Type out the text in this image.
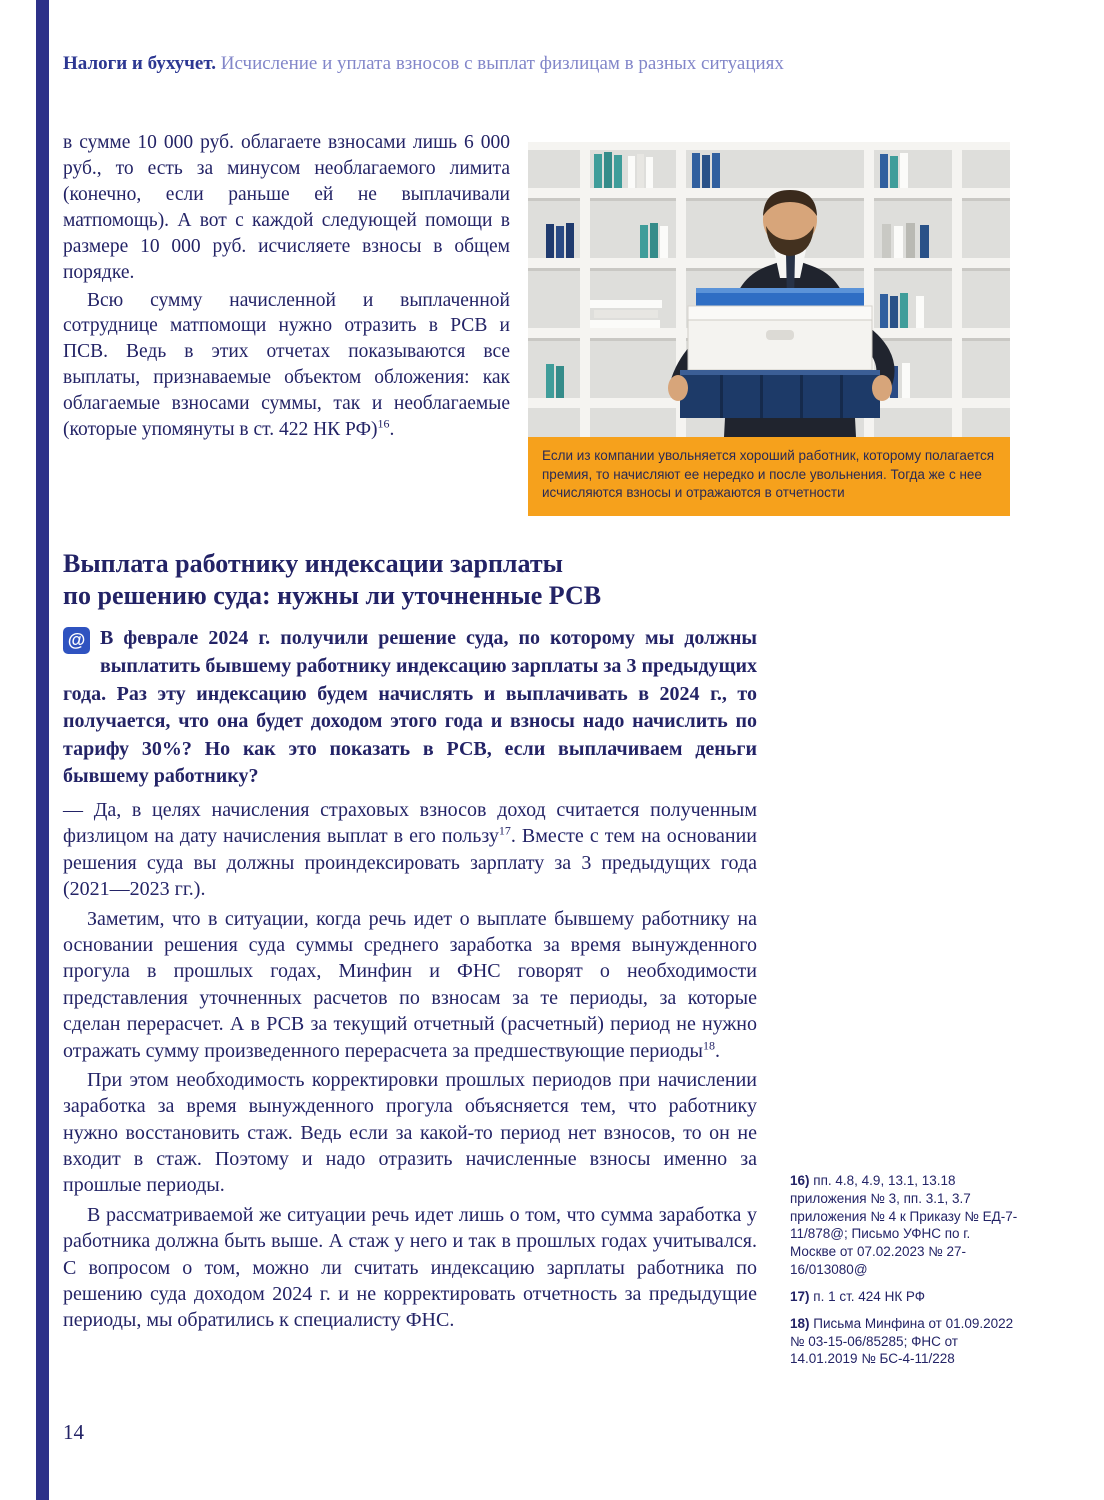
Налоги и бухучет. Исчисление и уплата взносов с выплат физлицам в разных ситуациях

в сумме 10 000 руб. облагаете взносами лишь 6 000 руб., то есть за минусом необлагаемого лимита (конечно, если раньше ей не выплачивали матпомощь). А вот с каждой следующей помощи в размере 10 000 руб. исчисляете взносы в общем порядке.

Всю сумму начисленной и выплаченной сотруднице матпомощи нужно отразить в РСВ и ПСВ. Ведь в этих отчетах показываются все выплаты, признаваемые объектом обложения: как облагаемые взносами суммы, так и необлагаемые (которые упомянуты в ст. 422 НК РФ)$^{16}$.

Если из компании увольняется хороший работник, которому полагается премия, то начисляют ее нередко и после увольнения. Тогда же с нее исчисляются взносы и отражаются в отчетности
Выплата работнику индексации зарплаты
по решению суда: нужны ли уточненные РСВ
@ В феврале 2024 г. получили решение суда, по которому мы должны выплатить бывшему работнику индексацию зарплаты за 3 предыдущих года. Раз эту индексацию будем начислять и выплачивать в 2024 г., то получается, что она будет доходом этого года и взносы надо начислить по тарифу 30%? Но как это показать в РСВ, если выплачиваем деньги бывшему работнику?

— Да, в целях начисления страховых взносов доход считается полученным физлицом на дату начисления выплат в его пользу$^{17}$. Вместе с тем на основании решения суда вы должны проиндексировать зарплату за 3 предыдущих года (2021—2023 гг.).

Заметим, что в ситуации, когда речь идет о выплате бывшему работнику на основании решения суда суммы среднего заработка за время вынужденного прогула в прошлых годах, Минфин и ФНС говорят о необходимости представления уточненных расчетов по взносам за те периоды, за которые сделан перерасчет. А в РСВ за текущий отчетный (расчетный) период не нужно отражать сумму произведенного перерасчета за предшествующие периоды$^{18}$.

При этом необходимость корректировки прошлых периодов при начислении заработка за время вынужденного прогула объясняется тем, что работнику нужно восстановить стаж. Ведь если за какой-то период нет взносов, то он не входит в стаж. Поэтому и надо отразить начисленные взносы именно за прошлые периоды.

В рассматриваемой же ситуации речь идет лишь о том, что сумма заработка у работника должна быть выше. А стаж у него и так в прошлых годах учитывался. С вопросом о том, можно ли считать индексацию зарплаты работника по решению суда доходом 2024 г. и не корректировать отчетность за предыдущие периоды, мы обратились к специалисту ФНС.

16) пп. 4.8, 4.9, 13.1, 13.18 приложения № 3, пп. 3.1, 3.7 приложения № 4 к Приказу № ЕД-7-11/878@; Письмо УФНС по г. Москве от 07.02.2023 № 27-16/013080@

17) п. 1 ст. 424 НК РФ

18) Письма Минфина от 01.09.2022 № 03-15-06/85285; ФНС от 14.01.2019 № БС-4-11/228

14
